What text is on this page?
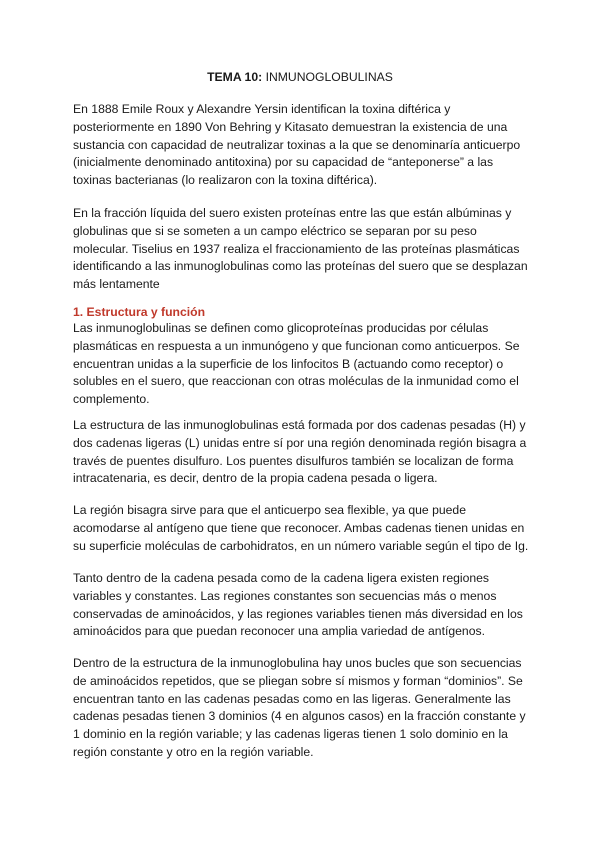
TEMA 10: INMUNOGLOBULINAS

En 1888 Emile Roux y Alexandre Yersin identifican la toxina diftérica y
posteriormente en 1890 Von Behring y Kitasato demuestran la existencia de una
sustancia con capacidad de neutralizar toxinas a la que se denominaría anticuerpo
(inicialmente denominado antitoxina) por su capacidad de “anteponerse” a las
toxinas bacterianas (lo realizaron con la toxina diftérica).

En la fracción líquida del suero existen proteínas entre las que están albúminas y
globulinas que si se someten a un campo eléctrico se separan por su peso
molecular. Tiselius en 1937 realiza el fraccionamiento de las proteínas plasmáticas
identificando a las inmunoglobulinas como las proteínas del suero que se desplazan
más lentamente

1. Estructura y función

Las inmunoglobulinas se definen como glicoproteínas producidas por células
plasmáticas en respuesta a un inmunógeno y que funcionan como anticuerpos. Se
encuentran unidas a la superficie de los linfocitos B (actuando como receptor) o
solubles en el suero, que reaccionan con otras moléculas de la inmunidad como el
complemento.

La estructura de las inmunoglobulinas está formada por dos cadenas pesadas (H) y
dos cadenas ligeras (L) unidas entre sí por una región denominada región bisagra a
través de puentes disulfuro. Los puentes disulfuros también se localizan de forma
intracatenaria, es decir, dentro de la propia cadena pesada o ligera.

La región bisagra sirve para que el anticuerpo sea flexible, ya que puede
acomodarse al antígeno que tiene que reconocer. Ambas cadenas tienen unidas en
su superficie moléculas de carbohidratos, en un número variable según el tipo de Ig.

Tanto dentro de la cadena pesada como de la cadena ligera existen regiones
variables y constantes. Las regiones constantes son secuencias más o menos
conservadas de aminoácidos, y las regiones variables tienen más diversidad en los
aminoácidos para que puedan reconocer una amplia variedad de antígenos.

Dentro de la estructura de la inmunoglobulina hay unos bucles que son secuencias
de aminoácidos repetidos, que se pliegan sobre sí mismos y forman “dominios”. Se
encuentran tanto en las cadenas pesadas como en las ligeras. Generalmente las
cadenas pesadas tienen 3 dominios (4 en algunos casos) en la fracción constante y
1 dominio en la región variable; y las cadenas ligeras tienen 1 solo dominio en la
región constante y otro en la región variable.
